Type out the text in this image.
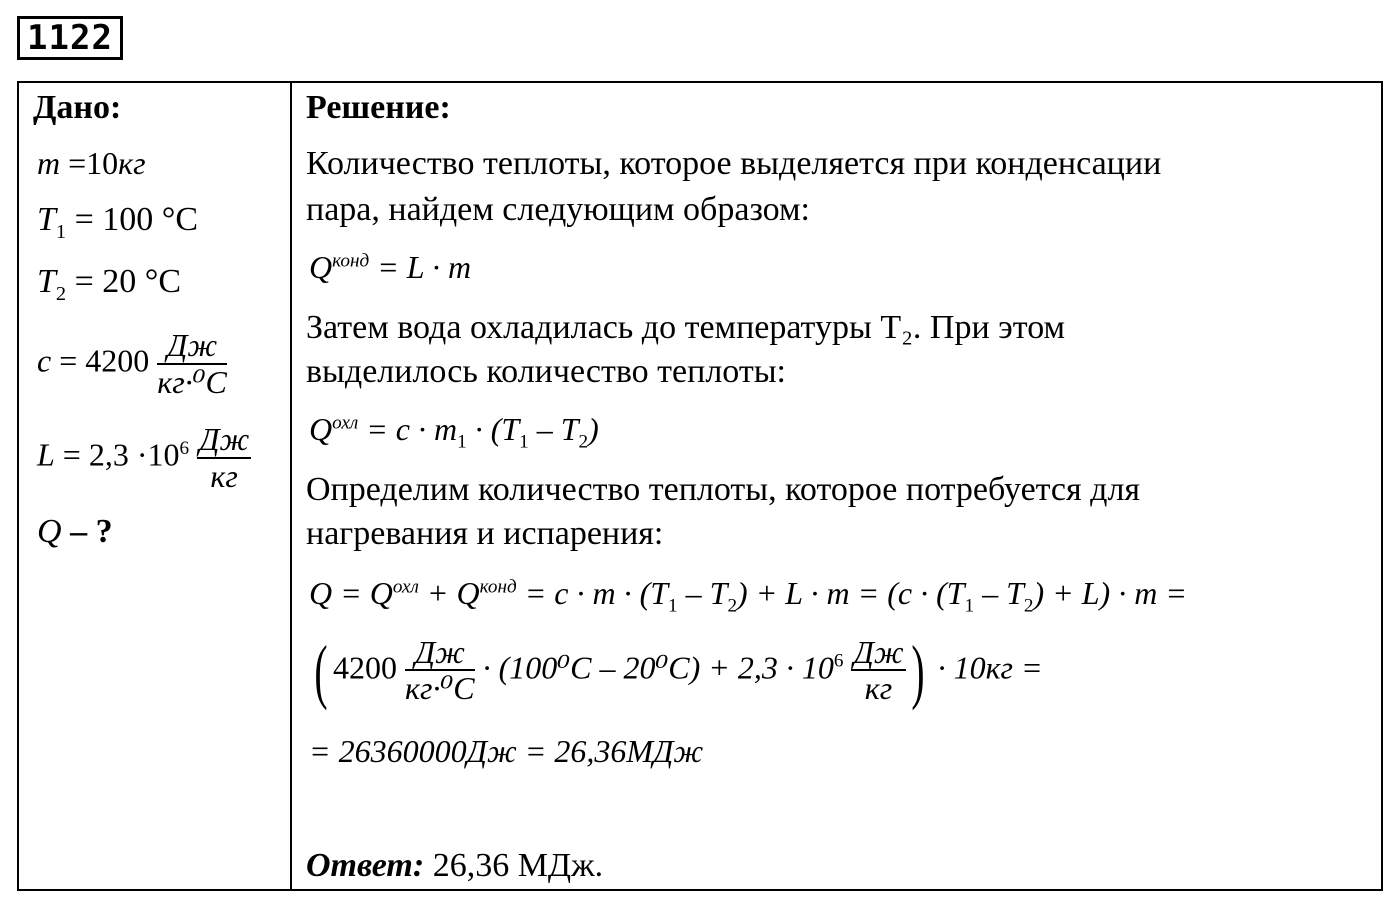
1122
Дано:
m =10кг
$T_1 = 100$ °C
$T_2 = 20$ °C
$c = 4200 \frac{Дж}{\text{кг·⁰C}}$
$L = 2,3 \cdot 10^6 \frac{Дж}{кг}$
Q – ?
Решение:
Количество теплоты, которое выделяется при конденсации
пара, найдем следующим образом:
$Q^{конд} = L \cdot m$
Затем вода охладилась до температуры Т₂. При этом
выделилось количество теплоты:
$Q^{охл} = c \cdot m_1 \cdot (T_1 - T_2)$
Определим количество теплоты, которое потребуется для
нагревания и испарения:
$Q = Q^{охл} + Q^{конд} = c \cdot m \cdot (T_1 - T_2) + L \cdot m = (c \cdot (T_1 - T_2) + L) \cdot m$ =
( $4200 \frac{Дж}{\text{кг·⁰C}} \cdot (100^0C - 20^0C) + 2,3 \cdot 10^6 \frac{Дж}{кг}$ ) · 10кг =
= 26360000Дж = 26,36МДж
Ответ: 26,36 МДж.
